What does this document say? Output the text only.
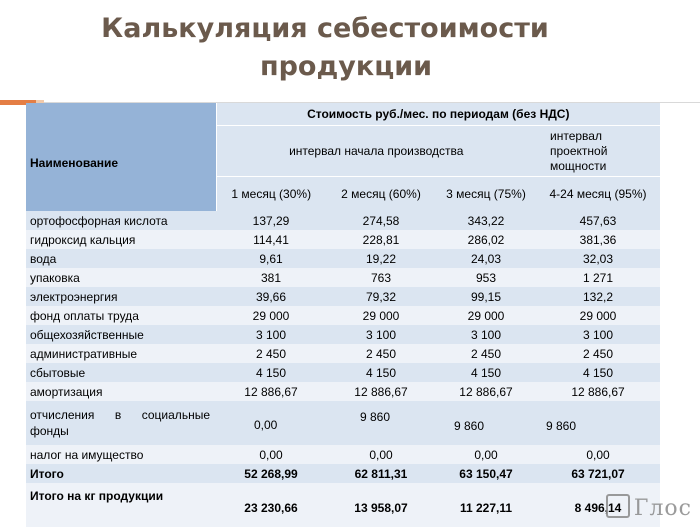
Калькуляция себестоимости
продукции
Наименование	Стоимость руб./мес. по периодам (без НДС)			
	интервал начала производства			интервал проектной мощности
	1 месяц (30%)	2 месяц (60%)	3 месяц (75%)	4-24 месяц (95%)
ортофосфорная кислота	137,29	274,58	343,22	457,63
гидроксид кальция	114,41	228,81	286,02	381,36
вода	9,61	19,22	24,03	32,03
упаковка	381	763	953	1 271
электроэнергия	39,66	79,32	99,15	132,2
фонд оплаты труда	29 000	29 000	29 000	29 000
общехозяйственные	3 100	3 100	3 100	3 100
административные	2 450	2 450	2 450	2 450
сбытовые	4 150	4 150	4 150	4 150
амортизация	12 886,67	12 886,67	12 886,67	12 886,67
отчисления в социальные фонды	0,00	9 860	9 860	9 860
налог на имущество	0,00	0,00	0,00	0,00
Итого	52 268,99	62 811,31	63 150,47	63 721,07
Итого на кг продукции	23 230,66	13 958,07	11 227,11	8 496,14 Глос
